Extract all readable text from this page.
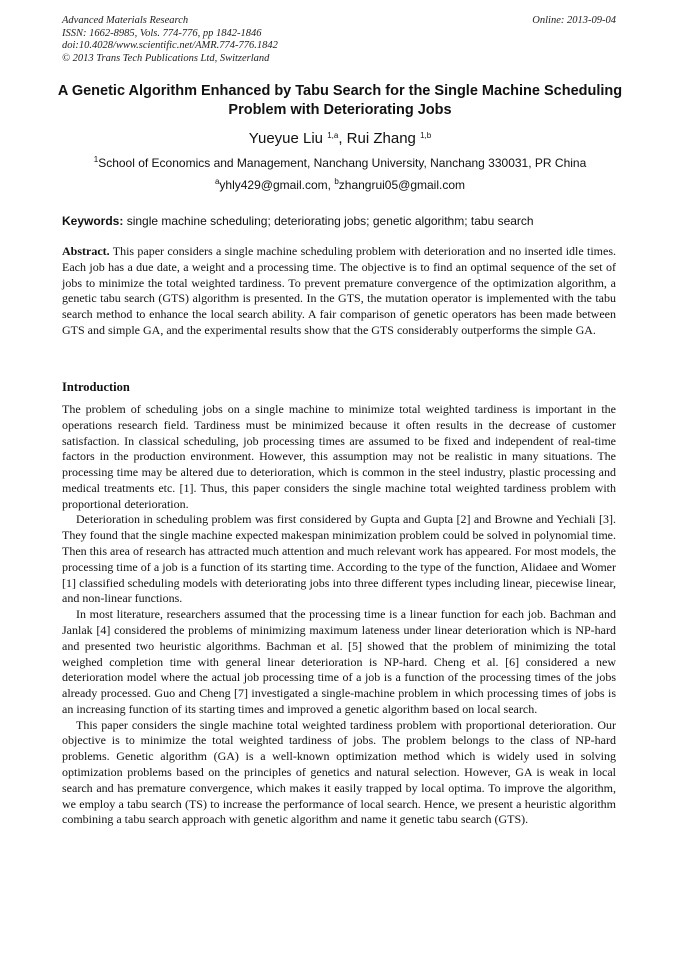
Advanced Materials Research
ISSN: 1662-8985, Vols. 774-776, pp 1842-1846
doi:10.4028/www.scientific.net/AMR.774-776.1842
© 2013 Trans Tech Publications Ltd, Switzerland
Online: 2013-09-04
A Genetic Algorithm Enhanced by Tabu Search for the Single Machine Scheduling Problem with Deteriorating Jobs
Yueyue Liu $^{1,a}$, Rui Zhang $^{1,b}$
$^1$School of Economics and Management, Nanchang University, Nanchang 330031, PR China
$^a$yhly429@gmail.com, $^b$zhangrui05@gmail.com
Keywords: single machine scheduling; deteriorating jobs; genetic algorithm; tabu search

Abstract. This paper considers a single machine scheduling problem with deterioration and no inserted idle times. Each job has a due date, a weight and a processing time. The objective is to find an optimal sequence of the set of jobs to minimize the total weighted tardiness. To prevent premature convergence of the optimization algorithm, a genetic tabu search (GTS) algorithm is presented. In the GTS, the mutation operator is implemented with the tabu search method to enhance the local search ability. A fair comparison of genetic operators has been made between GTS and simple GA, and the experimental results show that the GTS considerably outperforms the simple GA.

Introduction

The problem of scheduling jobs on a single machine to minimize total weighted tardiness is important in the operations research field. Tardiness must be minimized because it often results in the decrease of customer satisfaction. In classical scheduling, job processing times are assumed to be fixed and independent of real-time factors in the production environment. However, this assumption may not be realistic in many situations. The processing time may be altered due to deterioration, which is common in the steel industry, plastic processing and medical treatments etc. [1]. Thus, this paper considers the single machine total weighted tardiness problem with proportional deterioration.

Deterioration in scheduling problem was first considered by Gupta and Gupta [2] and Browne and Yechiali [3]. They found that the single machine expected makespan minimization problem could be solved in polynomial time. Then this area of research has attracted much attention and much relevant work has appeared. For most models, the processing time of a job is a function of its starting time. According to the type of the function, Alidaee and Womer [1] classified scheduling models with deteriorating jobs into three different types including linear, piecewise linear, and non-linear functions.

In most literature, researchers assumed that the processing time is a linear function for each job. Bachman and Janlak [4] considered the problems of minimizing maximum lateness under linear deterioration which is NP-hard and presented two heuristic algorithms. Bachman et al. [5] showed that the problem of minimizing the total weighed completion time with general linear deterioration is NP-hard. Cheng et al. [6] considered a new deterioration model where the actual job processing time of a job is a function of the processing times of the jobs already processed. Guo and Cheng [7] investigated a single-machine problem in which processing times of jobs is an increasing function of its starting times and improved a genetic algorithm based on local search.

This paper considers the single machine total weighted tardiness problem with proportional deterioration. Our objective is to minimize the total weighted tardiness of jobs. The problem belongs to the class of NP-hard problems. Genetic algorithm (GA) is a well-known optimization method which is widely used in solving optimization problems based on the principles of genetics and natural selection. However, GA is weak in local search and has premature convergence, which makes it easily trapped by local optima. To improve the algorithm, we employ a tabu search (TS) to increase the performance of local search. Hence, we present a heuristic algorithm combining a tabu search approach with genetic algorithm and name it genetic tabu search (GTS).
